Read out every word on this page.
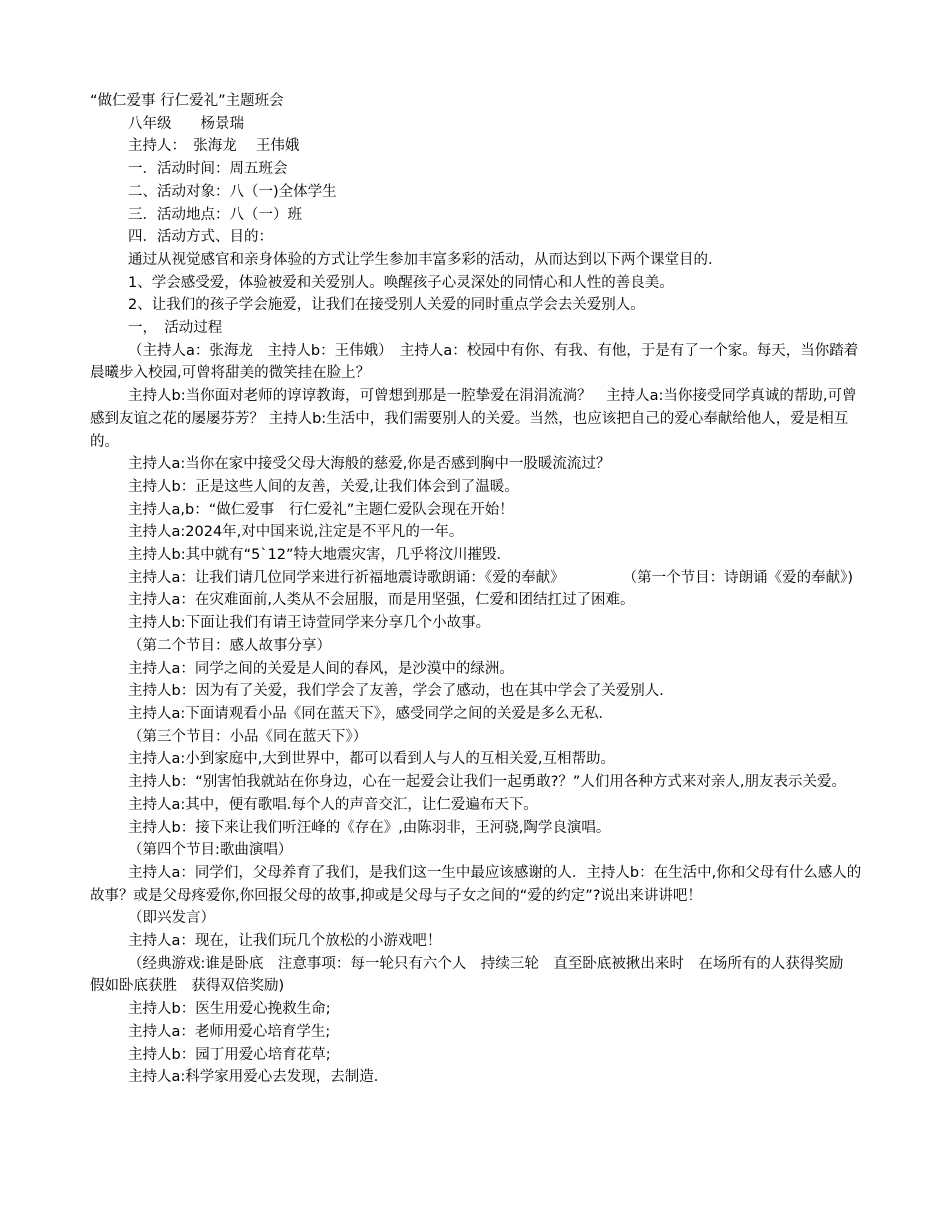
“做仁爱事 行仁爱礼”主题班会

八年级　　杨景瑞

主持人：　张海龙　 王伟娥

一．活动时间：周五班会

二、活动对象：八（一)全体学生

三．活动地点：八（一）班

四．活动方式、目的：

通过从视觉感官和亲身体验的方式让学生参加丰富多彩的活动，从而达到以下两个课堂目的．

1、学会感受爱，体验被爱和关爱别人。唤醒孩子心灵深处的同情心和人性的善良美。

2、让我们的孩子学会施爱，让我们在接受别人关爱的同时重点学会去关爱别人。

一，　活动过程

（主持人a：张海龙　主持人b：王伟娥）　主持人a：校园中有你、有我、有他，于是有了一个家。每天，当你踏着晨曦步入校园,可曾将甜美的微笑挂在脸上？

主持人b:当你面对老师的谆谆教诲，可曾想到那是一腔挚爱在涓涓流淌？　主持人a:当你接受同学真诚的帮助,可曾感到友谊之花的屡屡芬芳？ 主持人b:生活中，我们需要别人的关爱。当然，也应该把自己的爱心奉献给他人，爱是相互的。

主持人a:当你在家中接受父母大海般的慈爱,你是否感到胸中一股暖流流过？

主持人b：正是这些人间的友善，关爱,让我们体会到了温暖。

主持人a,b：“做仁爱事　行仁爱礼”主题仁爱队会现在开始！

主持人a:2024年,对中国来说,注定是不平凡的一年。

主持人b:其中就有“5`12”特大地震灾害，几乎将汶川摧毁．

主持人a：让我们请几位同学来进行祈福地震诗歌朗诵：《爱的奉献》　　　　　（第一个节目：诗朗诵《爱的奉献》)

主持人a：在灾难面前,人类从不会屈服，而是用坚强，仁爱和团结扛过了困难。

主持人b:下面让我们有请王诗萱同学来分享几个小故事。

（第二个节目：感人故事分享）

主持人a：同学之间的关爱是人间的春风，是沙漠中的绿洲。

主持人b：因为有了关爱，我们学会了友善，学会了感动，也在其中学会了关爱别人．

主持人a:下面请观看小品《同在蓝天下》，感受同学之间的关爱是多么无私．

（第三个节目：小品《同在蓝天下》）

主持人a:小到家庭中,大到世界中，都可以看到人与人的互相关爱,互相帮助。

主持人b：“别害怕我就站在你身边，心在一起爱会让我们一起勇敢?？”人们用各种方式来对亲人,朋友表示关爱。

主持人a:其中，便有歌唱.每个人的声音交汇，让仁爱遍布天下。

主持人b：接下来让我们听汪峰的《存在》,由陈羽非，王河骁,陶学良演唱。

（第四个节目:歌曲演唱）

主持人a：同学们，父母养育了我们，是我们这一生中最应该感谢的人．主持人b：在生活中,你和父母有什么感人的故事？或是父母疼爱你,你回报父母的故事,抑或是父母与子女之间的“爱的约定”?说出来讲讲吧！

（即兴发言）

主持人a：现在，让我们玩几个放松的小游戏吧！

（经典游戏:谁是卧底　注意事项：每一轮只有六个人　持续三轮　直至卧底被揪出来时　在场所有的人获得奖励　假如卧底获胜　获得双倍奖励)

主持人b：医生用爱心挽救生命;

主持人a：老师用爱心培育学生;

主持人b：园丁用爱心培育花草;

主持人a:科学家用爱心去发现，去制造．
